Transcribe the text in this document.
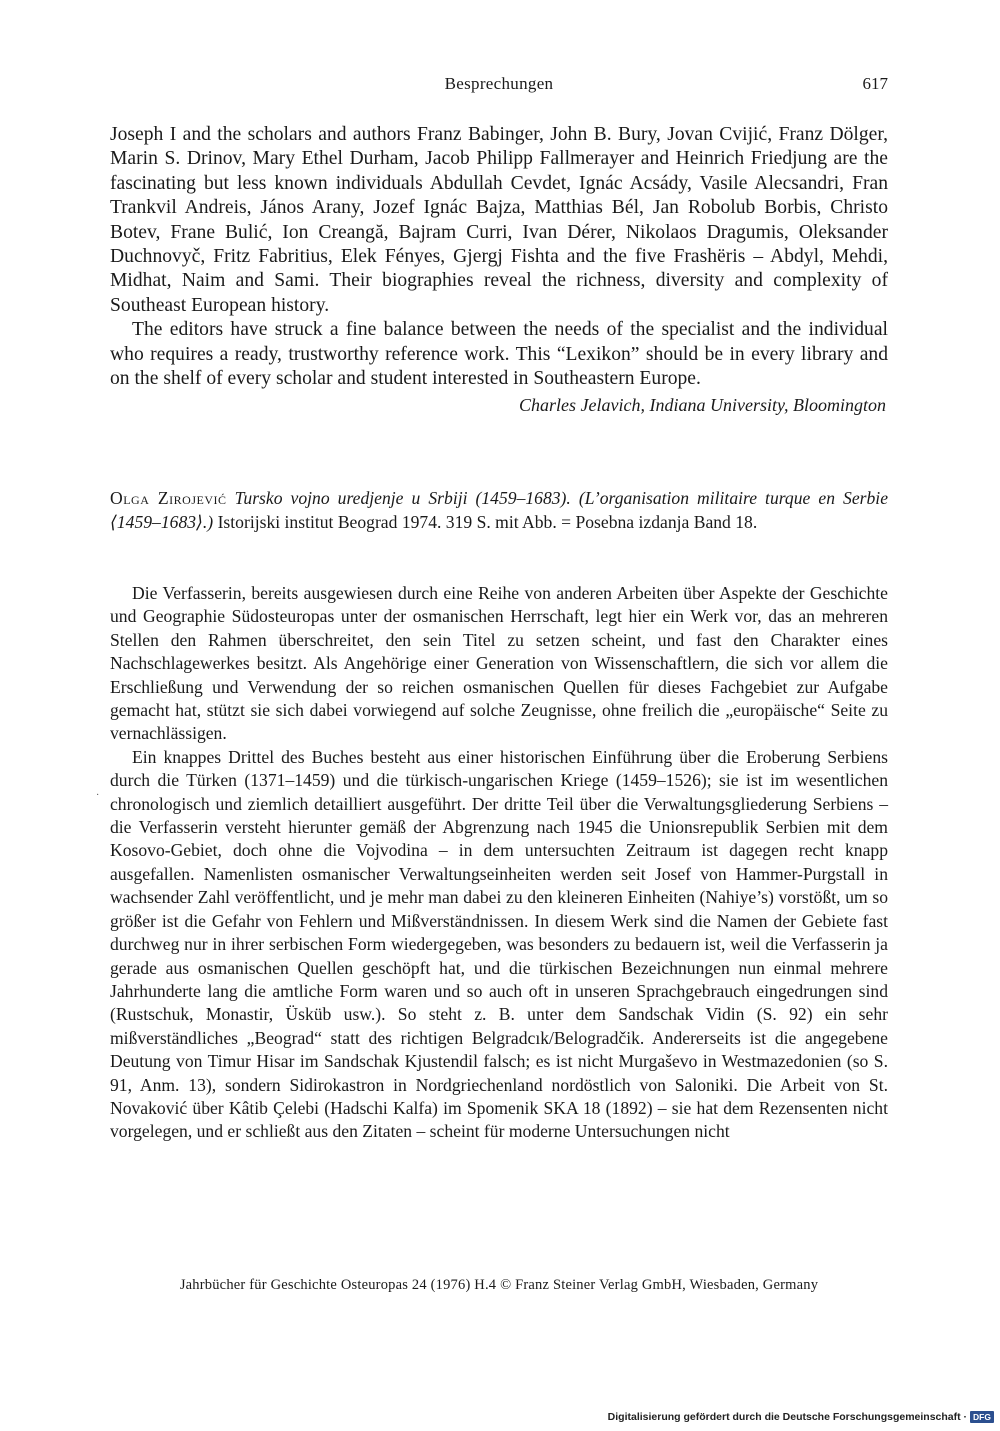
Besprechungen	617

Joseph I and the scholars and authors Franz Babinger, John B. Bury, Jovan Cvijić, Franz Dölger, Marin S. Drinov, Mary Ethel Durham, Jacob Philipp Fallmerayer and Heinrich Friedjung are the fascinating but less known individuals Abdullah Cevdet, Ignác Acsády, Vasile Alecsandri, Fran Trankvil Andreis, János Arany, Jozef Ignác Bajza, Matthias Bél, Jan Robolub Borbis, Christo Botev, Frane Bulić, Ion Creangă, Bajram Curri, Ivan Dérer, Nikolaos Dragumis, Oleksander Duchnovyč, Fritz Fabritius, Elek Fényes, Gjergj Fishta and the five Frashëris – Abdyl, Mehdi, Midhat, Naim and Sami. Their biographies reveal the richness, diversity and complexity of Southeast European history.

The editors have struck a fine balance between the needs of the specialist and the individual who requires a ready, trustworthy reference work. This “Lexikon” should be in every library and on the shelf of every scholar and student interested in Southeastern Europe.

Charles Jelavich, Indiana University, Bloomington

Olga Zirojević Tursko vojno uredjenje u Srbiji (1459–1683). (L’organisation militaire turque en Serbie ⟨1459–1683⟩.) Istorijski institut Beograd 1974. 319 S. mit Abb. = Posebna izdanja Band 18.

·

Die Verfasserin, bereits ausgewiesen durch eine Reihe von anderen Arbeiten über Aspekte der Geschichte und Geographie Südosteuropas unter der osmanischen Herrschaft, legt hier ein Werk vor, das an mehreren Stellen den Rahmen überschreitet, den sein Titel zu setzen scheint, und fast den Charakter eines Nachschlagewerkes besitzt. Als Angehörige einer Generation von Wissenschaftlern, die sich vor allem die Erschließung und Verwendung der so reichen osmanischen Quellen für dieses Fachgebiet zur Aufgabe gemacht hat, stützt sie sich dabei vorwiegend auf solche Zeugnisse, ohne freilich die „europäische“ Seite zu vernachlässigen.

Ein knappes Drittel des Buches besteht aus einer historischen Einführung über die Eroberung Serbiens durch die Türken (1371–1459) und die türkisch-ungarischen Kriege (1459–1526); sie ist im wesentlichen chronologisch und ziemlich detailliert ausgeführt. Der dritte Teil über die Verwaltungsgliederung Serbiens – die Verfasserin versteht hierunter gemäß der Abgrenzung nach 1945 die Unionsrepublik Serbien mit dem Kosovo-Gebiet, doch ohne die Vojvodina – in dem untersuchten Zeitraum ist dagegen recht knapp ausgefallen. Namenlisten osmanischer Verwaltungseinheiten werden seit Josef von Hammer-Purgstall in wachsender Zahl veröffentlicht, und je mehr man dabei zu den kleineren Einheiten (Nahiye’s) vorstößt, um so größer ist die Gefahr von Fehlern und Mißverständnissen. In diesem Werk sind die Namen der Gebiete fast durchweg nur in ihrer serbischen Form wiedergegeben, was besonders zu bedauern ist, weil die Verfasserin ja gerade aus osmanischen Quellen geschöpft hat, und die türkischen Bezeichnungen nun einmal mehrere Jahrhunderte lang die amtliche Form waren und so auch oft in unseren Sprachgebrauch eingedrungen sind (Rustschuk, Monastir, Üsküb usw.). So steht z. B. unter dem Sandschak Vidin (S. 92) ein sehr mißverständliches „Beograd“ statt des richtigen Belgradcık/Belogradčik. Andererseits ist die angegebene Deutung von Timur Hisar im Sandschak Kjustendil falsch; es ist nicht Murgaševo in Westmazedonien (so S. 91, Anm. 13), sondern Sidirokastron in Nordgriechenland nordöstlich von Saloniki. Die Arbeit von St. Novaković über Kâtib Çelebi (Hadschi Kalfa) im Spomenik SKA 18 (1892) – sie hat dem Rezensenten nicht vorgelegen, und er schließt aus den Zitaten – scheint für moderne Untersuchungen nicht

Jahrbücher für Geschichte Osteuropas 24 (1976) H.4 © Franz Steiner Verlag GmbH, Wiesbaden, Germany
Digitalisierung gefördert durch die Deutsche Forschungsgemeinschaft · DFG
